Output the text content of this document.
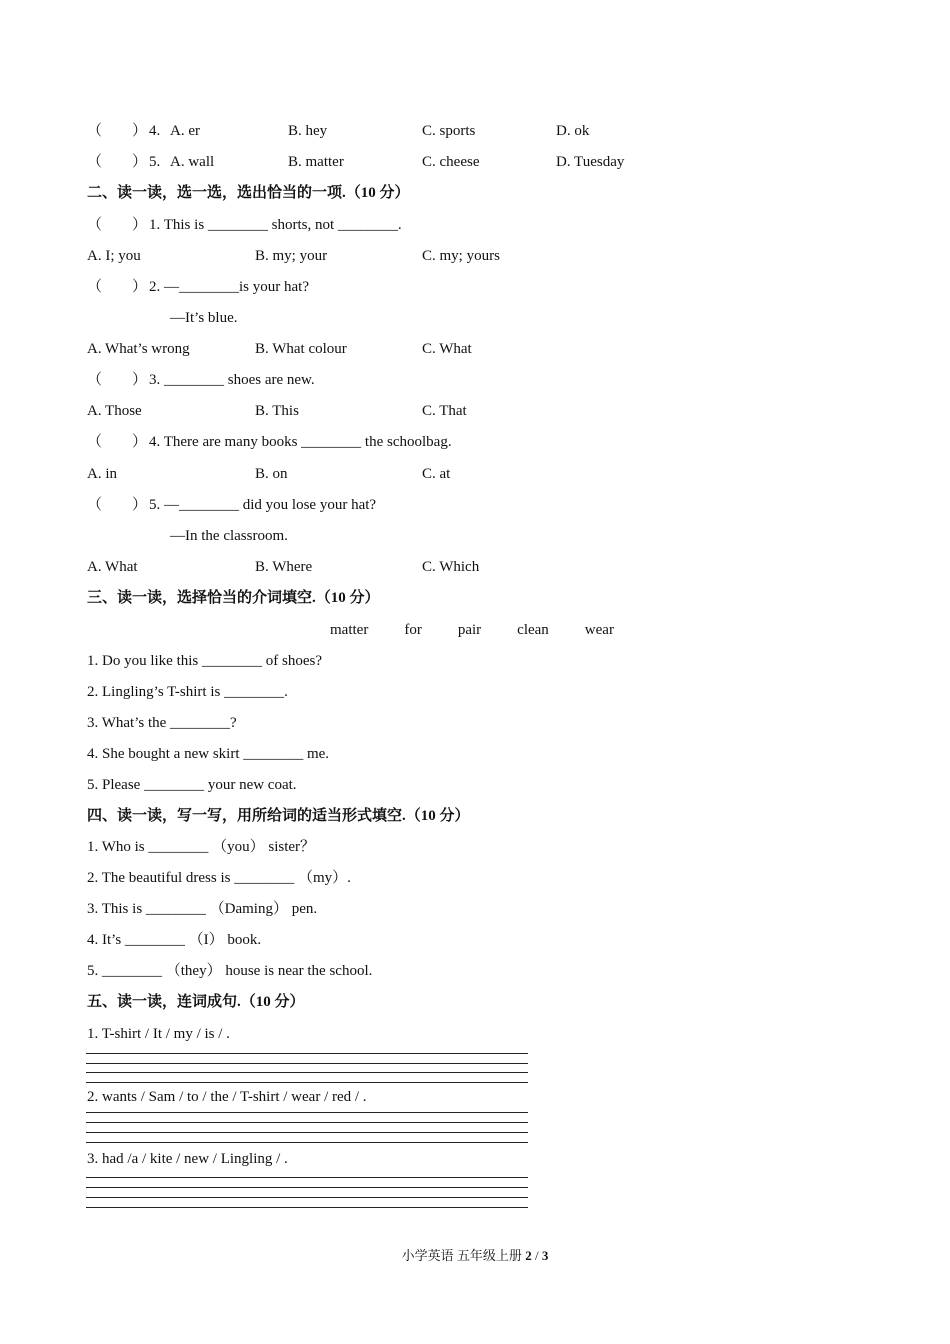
（　　） 4. A. er	B. hey	C. sports	D. ok
（　　） 5. A. wall	B. matter	C. cheese	D. Tuesday
二、读一读，选一选，选出恰当的一项.（10 分）
（　　） 1. This is ________ shorts, not ________.
A. I; you	B. my; your	C. my; yours
（　　） 2. —________is your hat?
—It’s blue.
A. What’s wrong	B. What colour	C. What
（　　） 3. ________ shoes are new.
A. Those	B. This	C. That
（　　） 4. There are many books ________ the schoolbag.
A. in	B. on	C. at
（　　） 5. —________ did you lose your hat?
—In the classroom.
A. What	B. Where	C. Which
三、读一读，选择恰当的介词填空.（10 分）
matter for pair clean wear
1. Do you like this ________ of shoes?
2. Lingling’s T-shirt is ________.
3. What’s the ________?
4. She bought a new skirt ________ me.
5. Please ________ your new coat.
四、读一读，写一写，用所给词的适当形式填空.（10 分）
1. Who is ________ （you） sister？
2. The beautiful dress is ________ （my）.
3. This is ________ （Daming） pen.
4. It’s ________ （I） book.
5. ________ （they） house is near the school.
五、读一读，连词成句.（10 分）
1. T-shirt / It / my / is / .
2. wants / Sam / to / the / T-shirt / wear / red / .
3. had /a / kite / new / Lingling / .
小学英语 五年级上册 2 / 3
